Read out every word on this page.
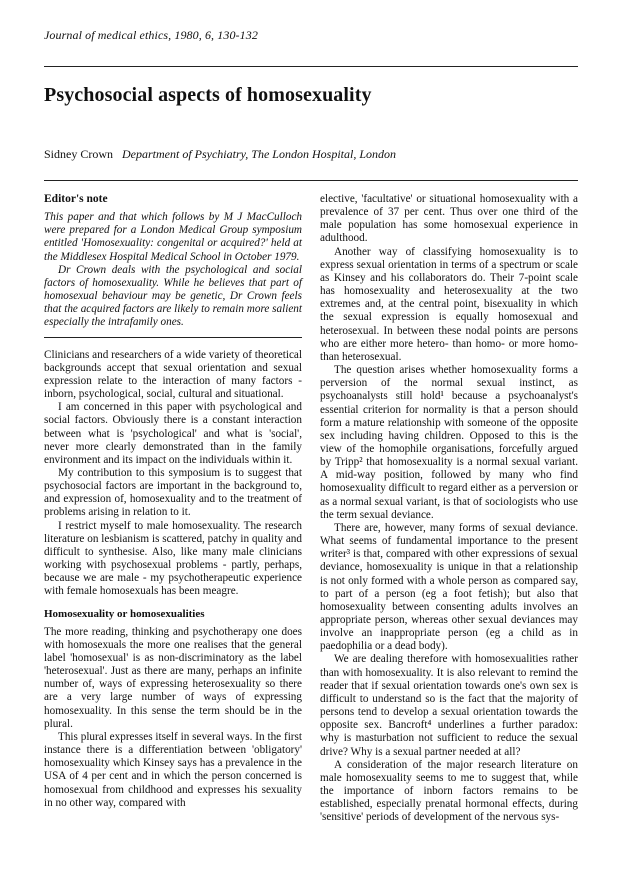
Journal of medical ethics, 1980, 6, 130-132
Psychosocial aspects of homosexuality
Sidney Crown Department of Psychiatry, The London Hospital, London
Editor's note

This paper and that which follows by M J MacCulloch were prepared for a London Medical Group symposium entitled 'Homosexuality: congenital or acquired?' held at the Middlesex Hospital Medical School in October 1979.

Dr Crown deals with the psychological and social factors of homosexuality. While he believes that part of homosexual behaviour may be genetic, Dr Crown feels that the acquired factors are likely to remain more salient especially the intrafamily ones.

Clinicians and researchers of a wide variety of theoretical backgrounds accept that sexual orientation and sexual expression relate to the interaction of many factors - inborn, psychological, social, cultural and situational.

I am concerned in this paper with psychological and social factors. Obviously there is a constant interaction between what is 'psychological' and what is 'social', never more clearly demonstrated than in the family environment and its impact on the individuals within it.

My contribution to this symposium is to suggest that psychosocial factors are important in the background to, and expression of, homosexuality and to the treatment of problems arising in relation to it.

I restrict myself to male homosexuality. The research literature on lesbianism is scattered, patchy in quality and difficult to synthesise. Also, like many male clinicians working with psychosexual problems - partly, perhaps, because we are male - my psychotherapeutic experience with female homosexuals has been meagre.

Homosexuality or homosexualities

The more reading, thinking and psychotherapy one does with homosexuals the more one realises that the general label 'homosexual' is as non-discriminatory as the label 'heterosexual'. Just as there are many, perhaps an infinite number of, ways of expressing heterosexuality so there are a very large number of ways of expressing homosexuality. In this sense the term should be in the plural.

This plural expresses itself in several ways. In the first instance there is a differentiation between 'obligatory' homosexuality which Kinsey says has a prevalence in the USA of 4 per cent and in which the person concerned is homosexual from childhood and expresses his sexuality in no other way, compared with

elective, 'facultative' or situational homosexuality with a prevalence of 37 per cent. Thus over one third of the male population has some homosexual experience in adulthood.

Another way of classifying homosexuality is to express sexual orientation in terms of a spectrum or scale as Kinsey and his collaborators do. Their 7-point scale has homosexuality and heterosexuality at the two extremes and, at the central point, bisexuality in which the sexual expression is equally homosexual and heterosexual. In between these nodal points are persons who are either more hetero- than homo- or more homo- than heterosexual.

The question arises whether homosexuality forms a perversion of the normal sexual instinct, as psychoanalysts still hold¹ because a psychoanalyst's essential criterion for normality is that a person should form a mature relationship with someone of the opposite sex including having children. Opposed to this is the view of the homophile organisations, forcefully argued by Tripp² that homosexuality is a normal sexual variant. A mid-way position, followed by many who find homosexuality difficult to regard either as a perversion or as a normal sexual variant, is that of sociologists who use the term sexual deviance.

There are, however, many forms of sexual deviance. What seems of fundamental importance to the present writer³ is that, compared with other expressions of sexual deviance, homosexuality is unique in that a relationship is not only formed with a whole person as compared say, to part of a person (eg a foot fetish); but also that homosexuality between consenting adults involves an appropriate person, whereas other sexual deviances may involve an inappropriate person (eg a child as in paedophilia or a dead body).

We are dealing therefore with homosexualities rather than with homosexuality. It is also relevant to remind the reader that if sexual orientation towards one's own sex is difficult to understand so is the fact that the majority of persons tend to develop a sexual orientation towards the opposite sex. Bancroft⁴ underlines a further paradox: why is masturbation not sufficient to reduce the sexual drive? Why is a sexual partner needed at all?

A consideration of the major research literature on male homosexuality seems to me to suggest that, while the importance of inborn factors remains to be established, especially prenatal hormonal effects, during 'sensitive' periods of development of the nervous sys-
